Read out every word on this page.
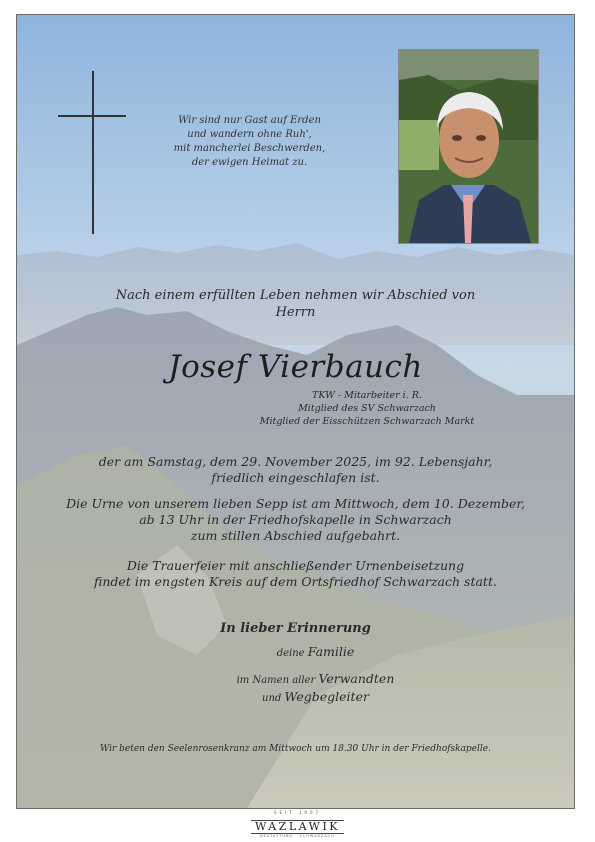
Wir sind nur Gast auf Erden
und wandern ohne Ruh',
mit mancherlei Beschwerden,
der ewigen Heimat zu.
Nach einem erfüllten Leben nehmen wir Abschied von
Herrn
Josef Vierbauch
TKW - Mitarbeiter i. R.
Mitglied des SV Schwarzach
Mitglied der Eisschützen Schwarzach Markt
der am Samstag, dem 29. November 2025, im 92. Lebensjahr,
friedlich eingeschlafen ist.
Die Urne von unserem lieben Sepp ist am Mittwoch, dem 10. Dezember,
ab 13 Uhr in der Friedhofskapelle in Schwarzach
zum stillen Abschied aufgebahrt.
Die Trauerfeier mit anschließender Urnenbeisetzung
findet im engsten Kreis auf dem Ortsfriedhof Schwarzach statt.
In lieber Erinnerung
deine Familie
im Namen aller Verwandten
und Wegbegleiter
Wir beten den Seelenrosenkranz am Mittwoch um 18.30 Uhr in der Friedhofskapelle.
SEIT 1907
WAZLAWIK
BESTATTUNG · SCHWARZACH
